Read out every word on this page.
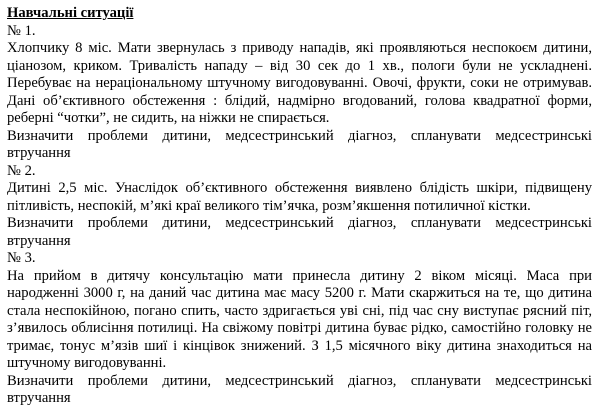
Навчальні ситуації
№ 1.
Хлопчику 8 міс. Мати звернулась з приводу нападів, які проявляються неспокоєм дитини, ціанозом, криком. Тривалість нападу – від 30 сек до 1 хв., пологи були не ускладнені. Перебуває на нераціональному штучному вигодовуванні. Овочі, фрукти, соки не отримував. Дані об’єктивного обстеження : блідий, надмірно вгодований, голова квадратної форми, реберні “чотки”, не сидить, на ніжки не спирається.
Визначити проблеми дитини, медсестринський діагноз, спланувати медсестринські втручання
№ 2.
Дитині 2,5 міс. Унаслідок об’єктивного обстеження виявлено блідість шкіри, підвищену пітливість, неспокій, м’які краї великого тім’ячка, розм’якшення потиличної кістки.
Визначити проблеми дитини, медсестринський діагноз, спланувати медсестринські втручання
№ 3.
На прийом в дитячу консультацію мати принесла дитину 2 віком місяці. Маса при народженні 3000 г, на даний час дитина має масу 5200 г. Мати скаржиться на те, що дитина стала неспокійною, погано спить, часто здригається уві сні, під час сну виступає рясний піт, з’явилось облисіння потилиці. На свіжому повітрі дитина буває рідко, самостійно головку не тримає, тонус м’язів шиї і кінцівок знижений. З 1,5 місячного віку дитина знаходиться на штучному вигодовуванні.
Визначити проблеми дитини, медсестринський діагноз, спланувати медсестринські втручання
